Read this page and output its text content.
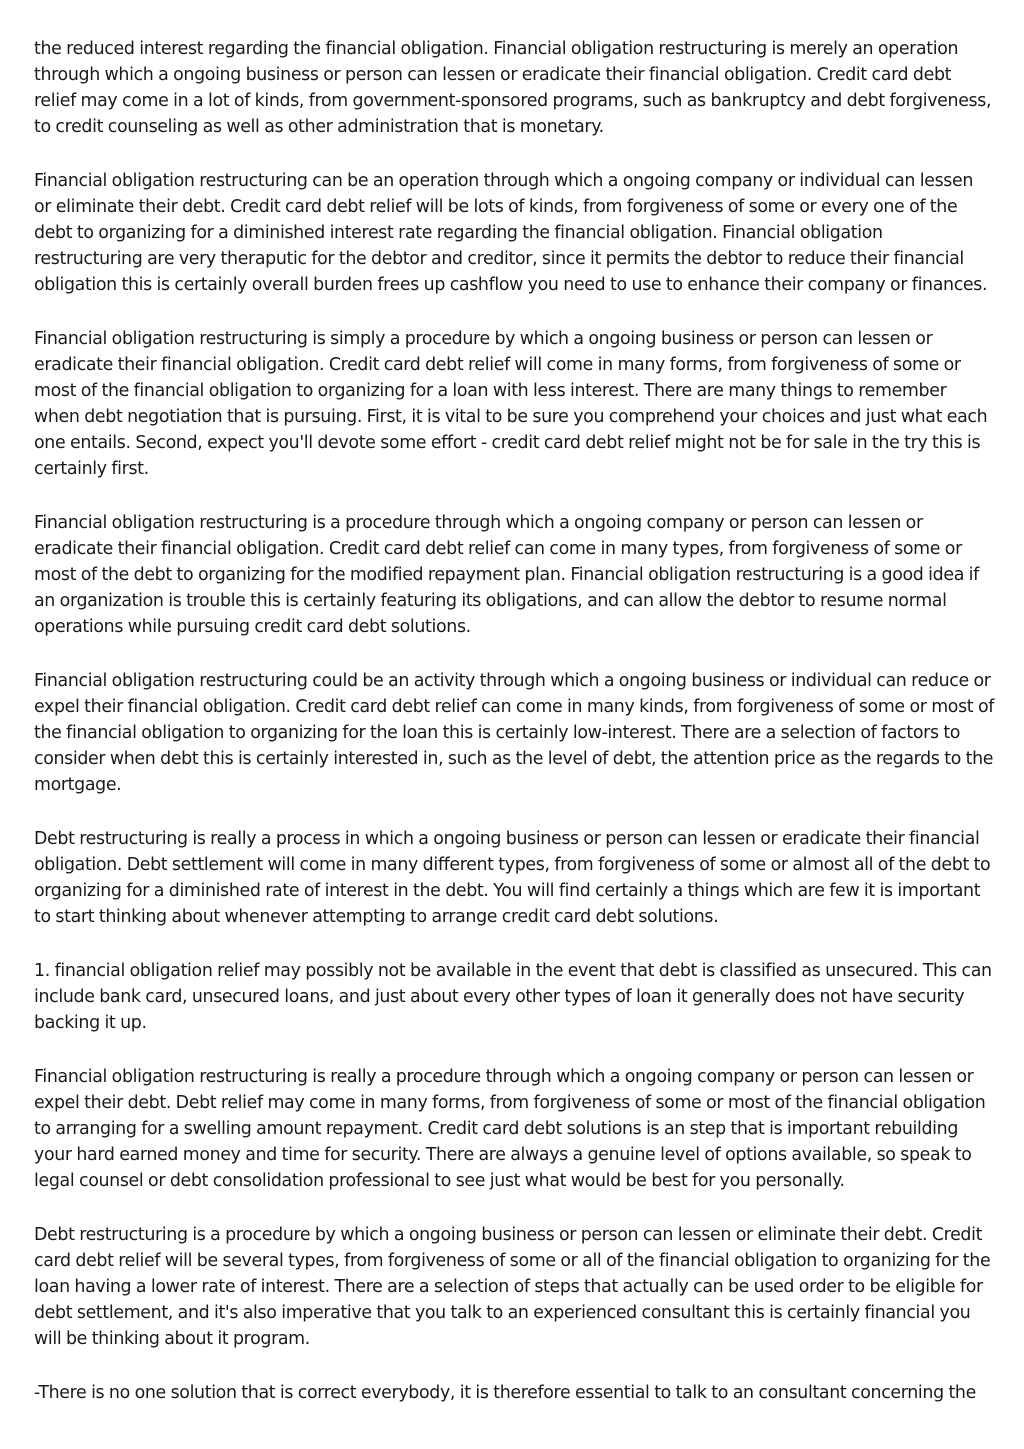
the reduced interest regarding the financial obligation. Financial obligation restructuring is merely an operation through which a ongoing business or person can lessen or eradicate their financial obligation. Credit card debt relief may come in a lot of kinds, from government-sponsored programs, such as bankruptcy and debt forgiveness, to credit counseling as well as other administration that is monetary.

Financial obligation restructuring can be an operation through which a ongoing company or individual can lessen or eliminate their debt. Credit card debt relief will be lots of kinds, from forgiveness of some or every one of the debt to organizing for a diminished interest rate regarding the financial obligation. Financial obligation restructuring are very theraputic for the debtor and creditor, since it permits the debtor to reduce their financial obligation this is certainly overall burden frees up cashflow you need to use to enhance their company or finances.

Financial obligation restructuring is simply a procedure by which a ongoing business or person can lessen or eradicate their financial obligation. Credit card debt relief will come in many forms, from forgiveness of some or most of the financial obligation to organizing for a loan with less interest. There are many things to remember when debt negotiation that is pursuing. First, it is vital to be sure you comprehend your choices and just what each one entails. Second, expect you'll devote some effort - credit card debt relief might not be for sale in the try this is certainly first.

Financial obligation restructuring is a procedure through which a ongoing company or person can lessen or eradicate their financial obligation. Credit card debt relief can come in many types, from forgiveness of some or most of the debt to organizing for the modified repayment plan. Financial obligation restructuring is a good idea if an organization is trouble this is certainly featuring its obligations, and can allow the debtor to resume normal operations while pursuing credit card debt solutions.

Financial obligation restructuring could be an activity through which a ongoing business or individual can reduce or expel their financial obligation. Credit card debt relief can come in many kinds, from forgiveness of some or most of the financial obligation to organizing for the loan this is certainly low-interest. There are a selection of factors to consider when debt this is certainly interested in, such as the level of debt, the attention price as the regards to the mortgage.

Debt restructuring is really a process in which a ongoing business or person can lessen or eradicate their financial obligation. Debt settlement will come in many different types, from forgiveness of some or almost all of the debt to organizing for a diminished rate of interest in the debt. You will find certainly a things which are few it is important to start thinking about whenever attempting to arrange credit card debt solutions.

1. financial obligation relief may possibly not be available in the event that debt is classified as unsecured. This can include bank card, unsecured loans, and just about every other types of loan it generally does not have security backing it up.

Financial obligation restructuring is really a procedure through which a ongoing company or person can lessen or expel their debt. Debt relief may come in many forms, from forgiveness of some or most of the financial obligation to arranging for a swelling amount repayment. Credit card debt solutions is an step that is important rebuilding your hard earned money and time for security. There are always a genuine level of options available, so speak to legal counsel or debt consolidation professional to see just what would be best for you personally.

Debt restructuring is a procedure by which a ongoing business or person can lessen or eliminate their debt. Credit card debt relief will be several types, from forgiveness of some or all of the financial obligation to organizing for the loan having a lower rate of interest. There are a selection of steps that actually can be used order to be eligible for debt settlement, and it's also imperative that you talk to an experienced consultant this is certainly financial you will be thinking about it program.

-There is no one solution that is correct everybody, it is therefore essential to talk to an consultant concerning the
